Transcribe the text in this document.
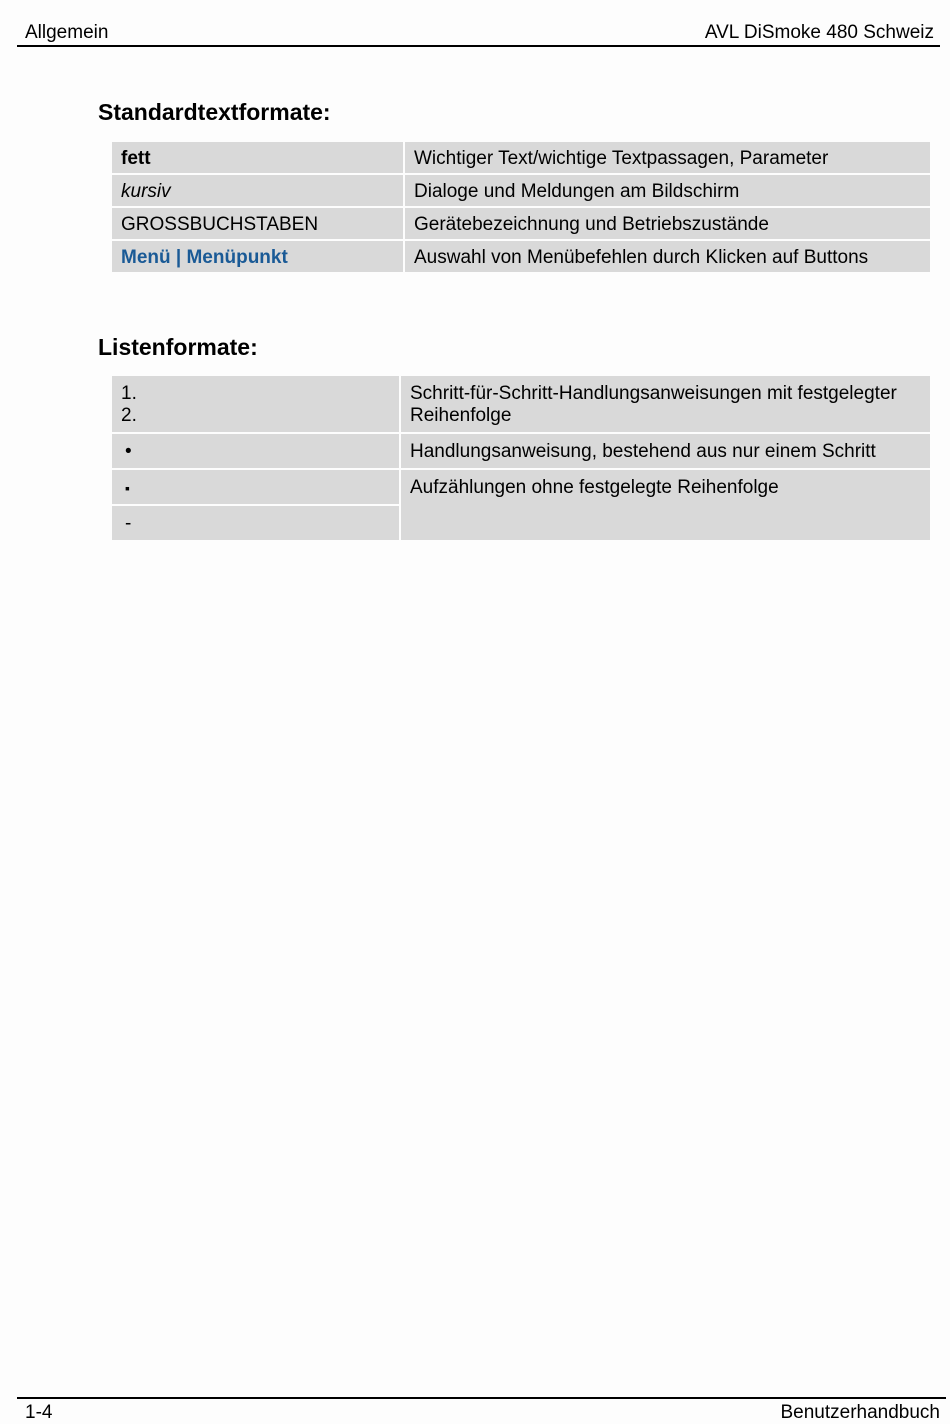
Allgemein	AVL DiSmoke 480 Schweiz
Standardtextformate:
fett	Wichtiger Text/wichtige Textpassagen, Parameter
kursiv	Dialoge und Meldungen am Bildschirm
GROSSBUCHSTABEN	Gerätebezeichnung und Betriebszustände
Menü | Menüpunkt	Auswahl von Menübefehlen durch Klicken auf Buttons
Listenformate:
1.
2.	Schritt-für-Schritt-Handlungsanweisungen mit festgelegter Reihenfolge
•	Handlungsanweisung, bestehend aus nur einem Schritt
▪	Aufzählungen ohne festgelegte Reihenfolge
-	
1-4	Benutzerhandbuch
